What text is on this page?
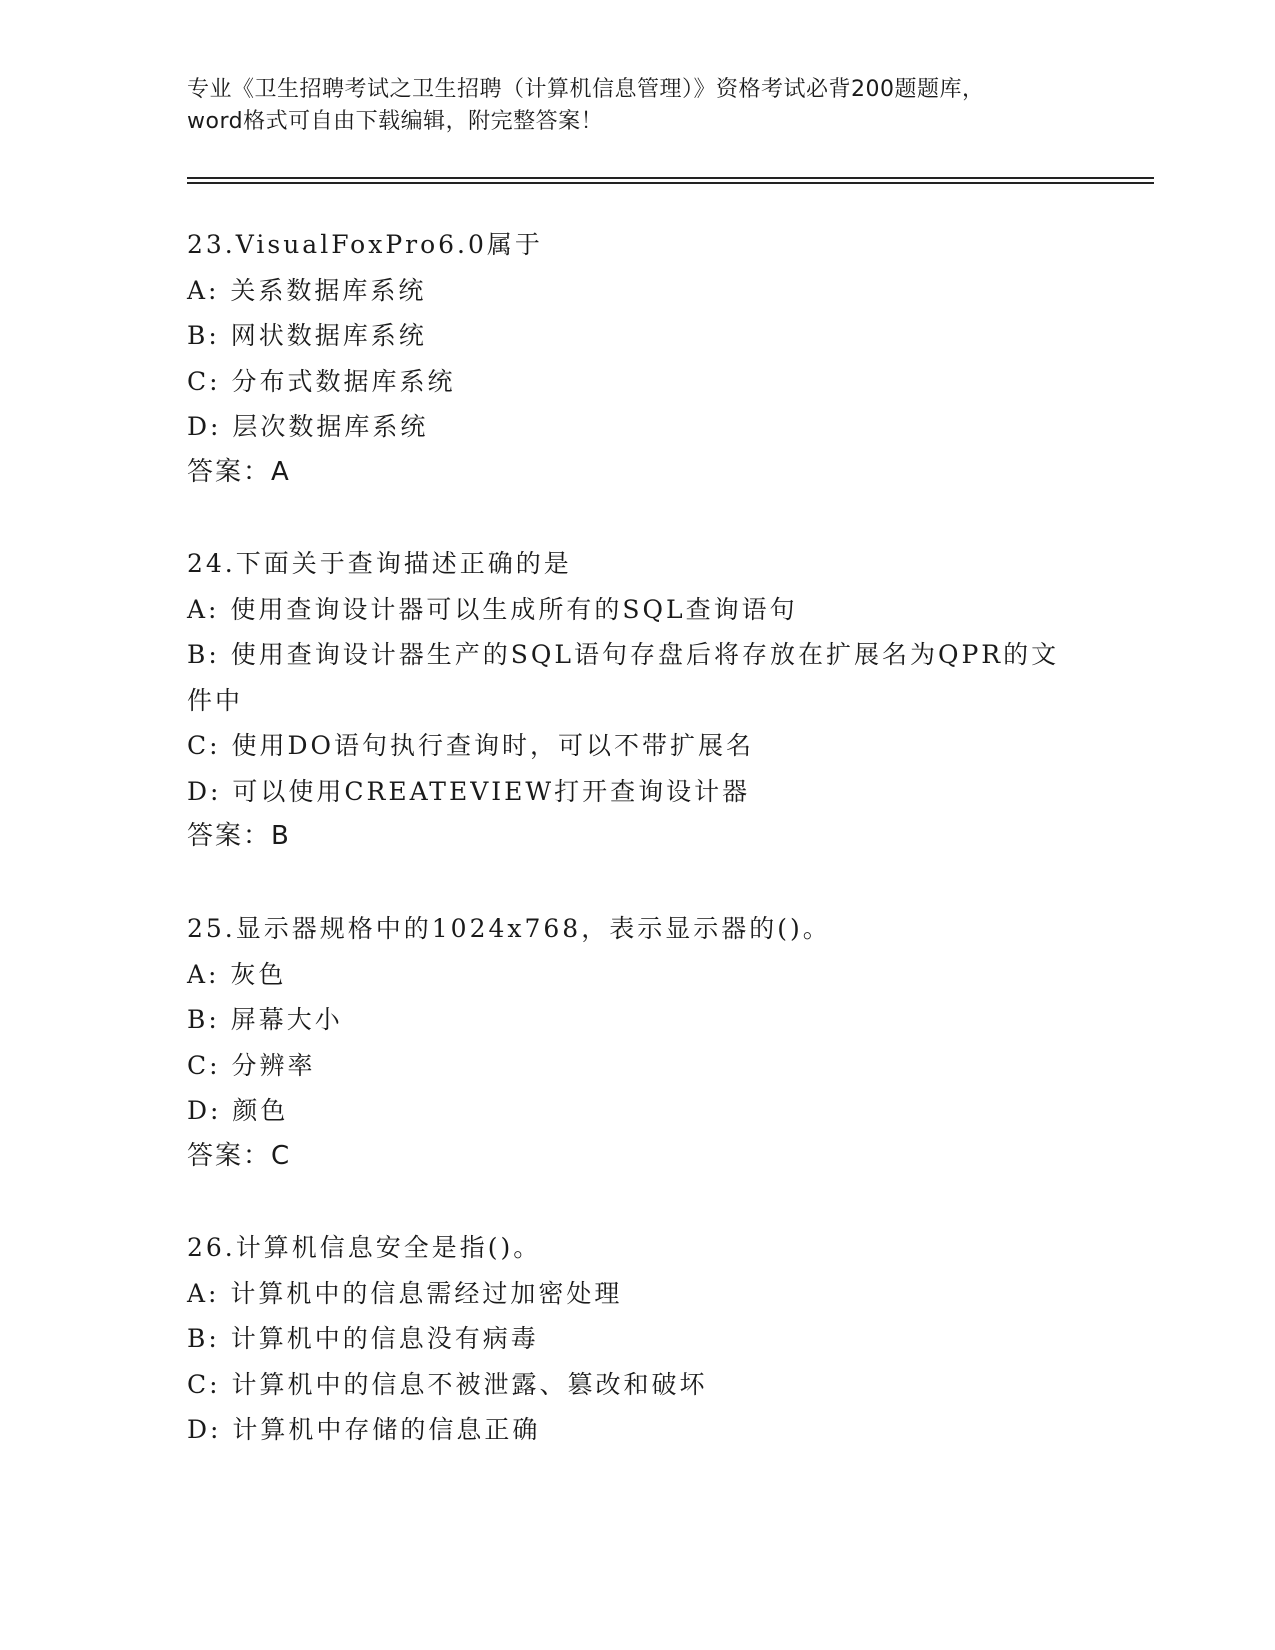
专业《卫生招聘考试之卫生招聘（计算机信息管理）》资格考试必背200题题库，
word格式可自由下载编辑，附完整答案！
23.VisualFoxPro6.0属于
A: 关系数据库系统
B: 网状数据库系统
C: 分布式数据库系统
D: 层次数据库系统
答案：A
24.下面关于查询描述正确的是
A: 使用查询设计器可以生成所有的SQL查询语句
B: 使用查询设计器生产的SQL语句存盘后将存放在扩展名为QPR的文
件中
C: 使用DO语句执行查询时，可以不带扩展名
D: 可以使用CREATEVIEW打开查询设计器
答案：B
25.显示器规格中的1024x768，表示显示器的()。
A: 灰色
B: 屏幕大小
C: 分辨率
D: 颜色
答案：C
26.计算机信息安全是指()。
A: 计算机中的信息需经过加密处理
B: 计算机中的信息没有病毒
C: 计算机中的信息不被泄露、篡改和破坏
D: 计算机中存储的信息正确
